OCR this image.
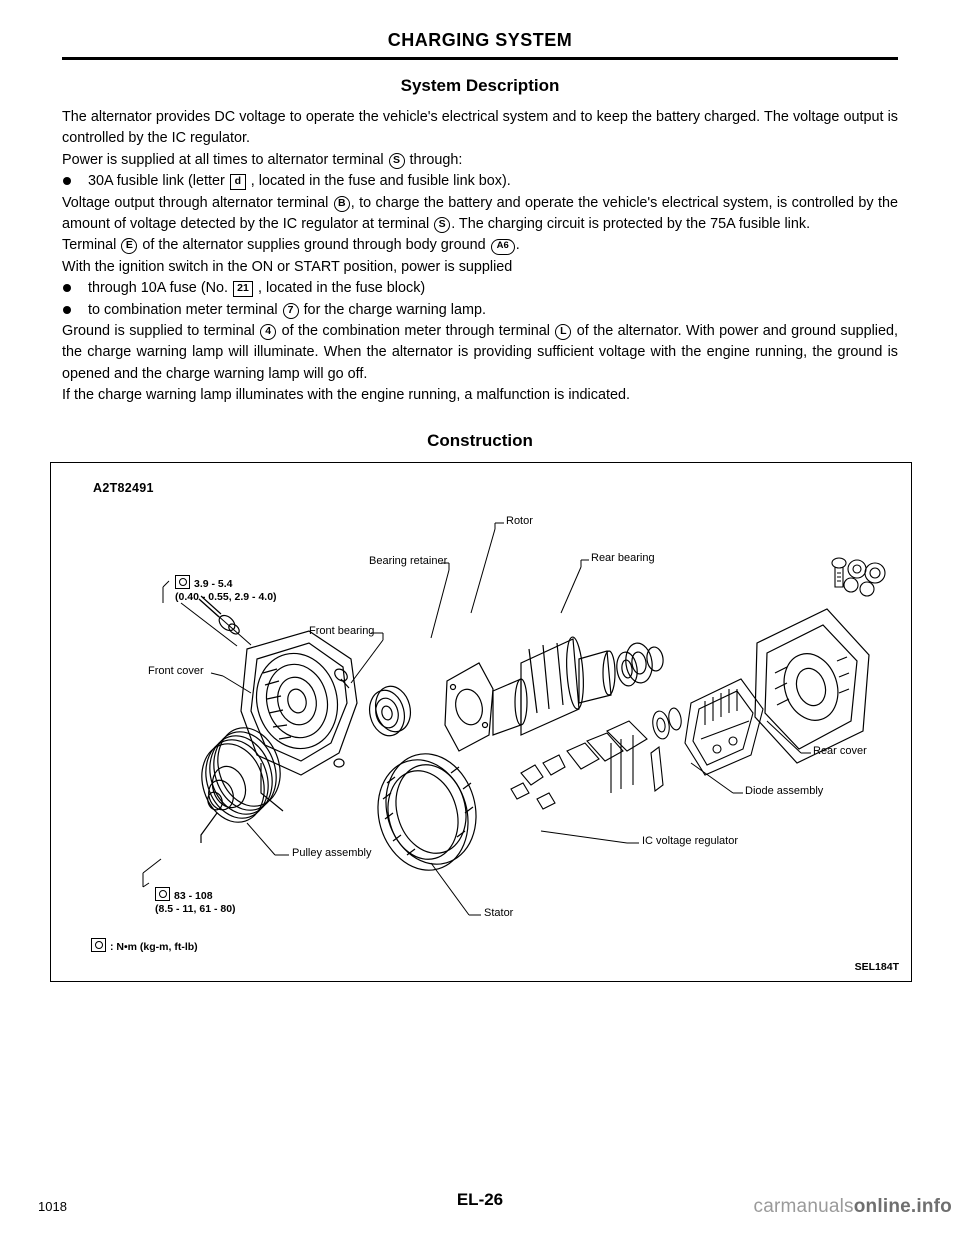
CHARGING SYSTEM
System Description

The alternator provides DC voltage to operate the vehicle's electrical system and to keep the battery charged. The voltage output is controlled by the IC regulator.

Power is supplied at all times to alternator terminal S through:

30A fusible link (letter d , located in the fuse and fusible link box).

Voltage output through alternator terminal B , to charge the battery and operate the vehicle's electrical system, is controlled by the amount of voltage detected by the IC regulator at terminal S . The charging circuit is protected by the 75A fusible link.

Terminal E of the alternator supplies ground through body ground A6 .

With the ignition switch in the ON or START position, power is supplied

through 10A fuse (No. 21 , located in the fuse block)

to combination meter terminal 7 for the charge warning lamp.

Ground is supplied to terminal 4 of the combination meter through terminal L of the alternator. With power and ground supplied, the charge warning lamp will illuminate. When the alternator is providing sufficient voltage with the engine running, the ground is opened and the charge warning lamp will go off.

If the charge warning lamp illuminates with the engine running, a malfunction is indicated.

Construction
A2T82491
3.9 - 5.4
(0.40 - 0.55, 2.9 - 4.0)
83 - 108
(8.5 - 11, 61 - 80)
Rotor
Rear bearing
Bearing retainer
Front bearing
Front cover
Rear cover
Diode assembly
IC voltage regulator
Pulley assembly
Stator
: N•m (kg-m, ft-lb)
SEL184T
1018	EL-26	carmanualsonline.info
